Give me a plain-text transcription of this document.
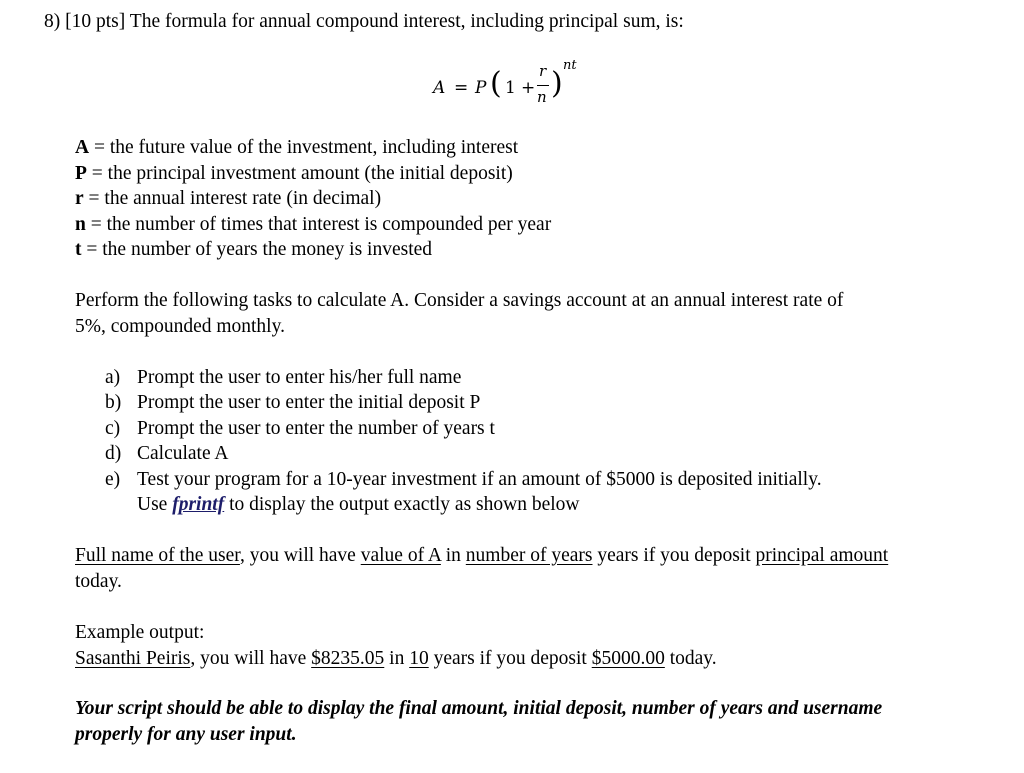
8) [10 pts] The formula for annual compound interest, including principal sum, is:
A = P ( 1 +
r
n )
nt
A = the future value of the investment, including interest
P = the principal investment amount (the initial deposit)
r = the annual interest rate (in decimal)
n = the number of times that interest is compounded per year
t = the number of years the money is invested
Perform the following tasks to calculate A. Consider a savings account at an annual interest rate of
5%, compounded monthly.
a) Prompt the user to enter his/her full name
b) Prompt the user to enter the initial deposit P
c) Prompt the user to enter the number of years t
d) Calculate A
e) Test your program for a 10-year investment if an amount of $5000 is deposited initially.
Use fprintf to display the output exactly as shown below
Full name of the user, you will have value of A in number of years years if you deposit principal amount
today.
Example output:
Sasanthi Peiris, you will have $8235.05 in 10 years if you deposit $5000.00 today.
Your script should be able to display the final amount, initial deposit, number of years and username
properly for any user input.
